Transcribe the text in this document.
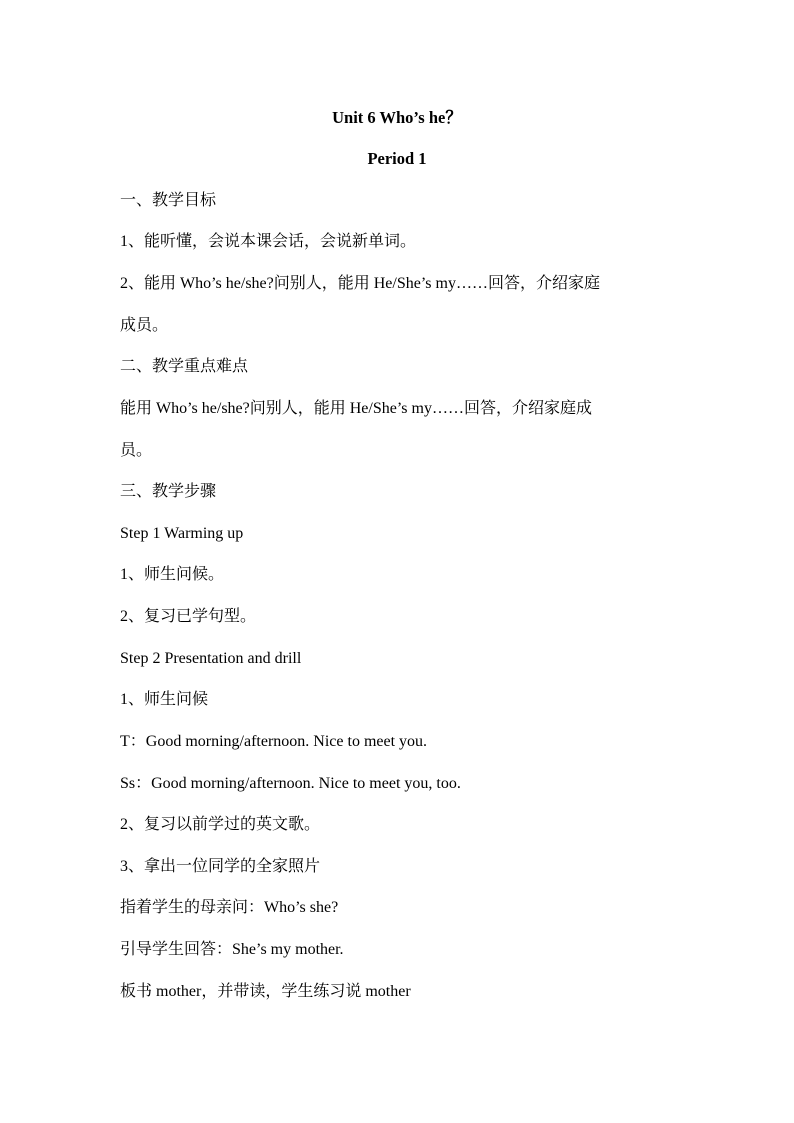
Unit 6 Who’s he？
Period 1
一、教学目标
1、能听懂，会说本课会话，会说新单词。
2、能用 Who’s he/she?问别人，能用 He/She’s my……回答，介绍家庭
成员。
二、教学重点难点
能用 Who’s he/she?问别人，能用 He/She’s my……回答，介绍家庭成
员。
三、教学步骤
Step 1 Warming up
1、师生问候。
2、复习已学句型。
Step 2 Presentation and drill
1、师生问候
T：Good morning/afternoon. Nice to meet you.
Ss：Good morning/afternoon. Nice to meet you, too.
2、复习以前学过的英文歌。
3、拿出一位同学的全家照片
指着学生的母亲问：Who’s she?
引导学生回答：She’s my mother.
板书 mother，并带读，学生练习说 mother
